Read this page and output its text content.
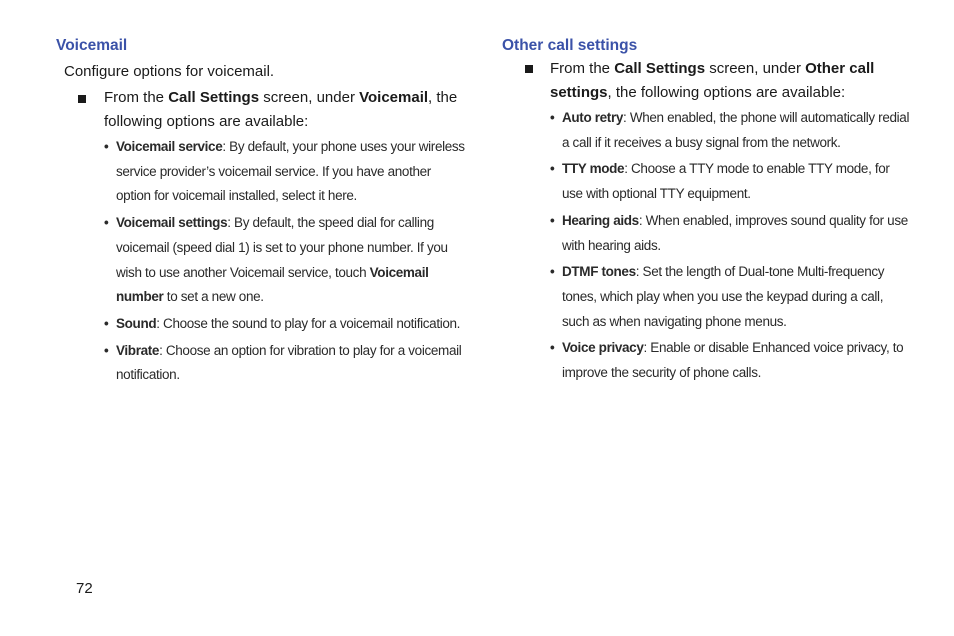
Voicemail

Configure options for voicemail.

From the Call Settings screen, under Voicemail, the following options are available:

• Voicemail service: By default, your phone uses your wireless service provider’s voicemail service. If you have another option for voicemail installed, select it here.
• Voicemail settings: By default, the speed dial for calling voicemail (speed dial 1) is set to your phone number. If you wish to use another Voicemail service, touch Voicemail number to set a new one.
• Sound: Choose the sound to play for a voicemail notification.
• Vibrate: Choose an option for vibration to play for a voicemail notification.
Other call settings

From the Call Settings screen, under Other call settings, the following options are available:

• Auto retry: When enabled, the phone will automatically redial a call if it receives a busy signal from the network.
• TTY mode: Choose a TTY mode to enable TTY mode, for use with optional TTY equipment.
• Hearing aids: When enabled, improves sound quality for use with hearing aids.
• DTMF tones: Set the length of Dual-tone Multi-frequency tones, which play when you use the keypad during a call, such as when navigating phone menus.
• Voice privacy: Enable or disable Enhanced voice privacy, to improve the security of phone calls.
72
